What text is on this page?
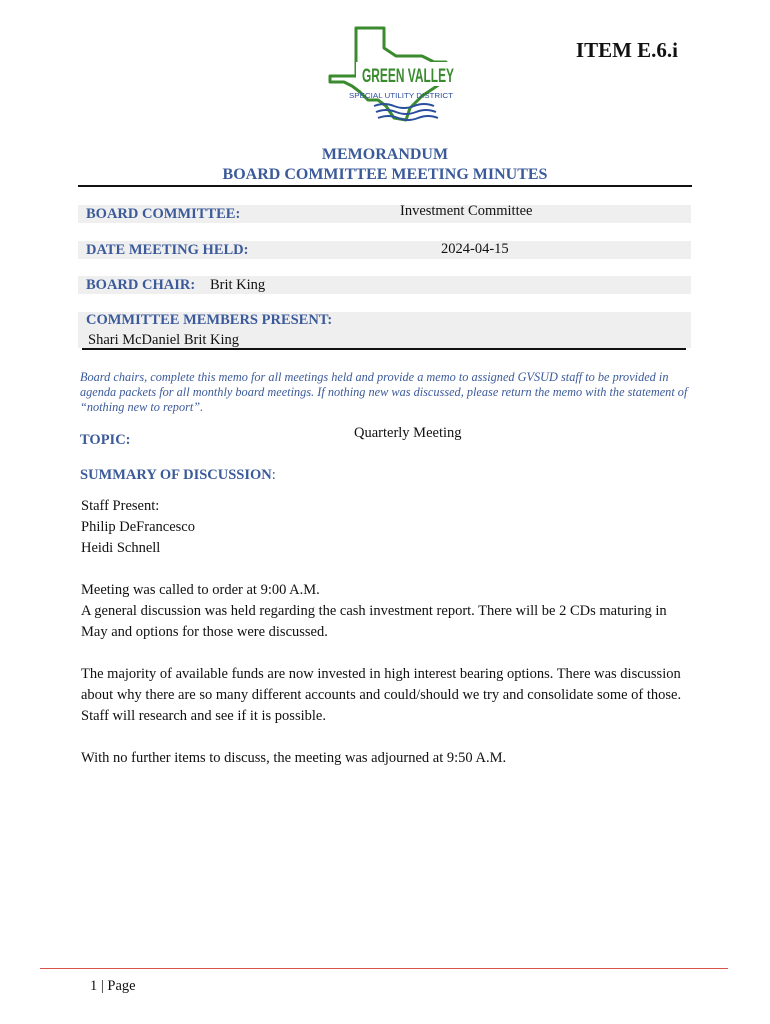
ITEM E.6.i
GREEN VALLEY
SPECIAL UTILITY DISTRICT
MEMORANDUM
BOARD COMMITTEE MEETING MINUTES
BOARD COMMITTEE:	Investment Committee
DATE MEETING HELD:	2024-04-15
BOARD CHAIR: Brit King
COMMITTEE MEMBERS PRESENT:
Shari McDaniel Brit King
Board chairs, complete this memo for all meetings held and provide a memo to assigned GVSUD staff to be provided in agenda packets for all monthly board meetings. If nothing new was discussed, please return the memo with the statement of “nothing new to report”.
TOPIC:	Quarterly Meeting
SUMMARY OF DISCUSSION:
Staff Present:
Philip DeFrancesco
Heidi Schnell
Meeting was called to order at 9:00 A.M.
A general discussion was held regarding the cash investment report. There will be 2 CDs maturing in May and options for those were discussed.
The majority of available funds are now invested in high interest bearing options. There was discussion about why there are so many different accounts and could/should we try and consolidate some of those. Staff will research and see if it is possible.
With no further items to discuss, the meeting was adjourned at 9:50 A.M.
1 | Page
